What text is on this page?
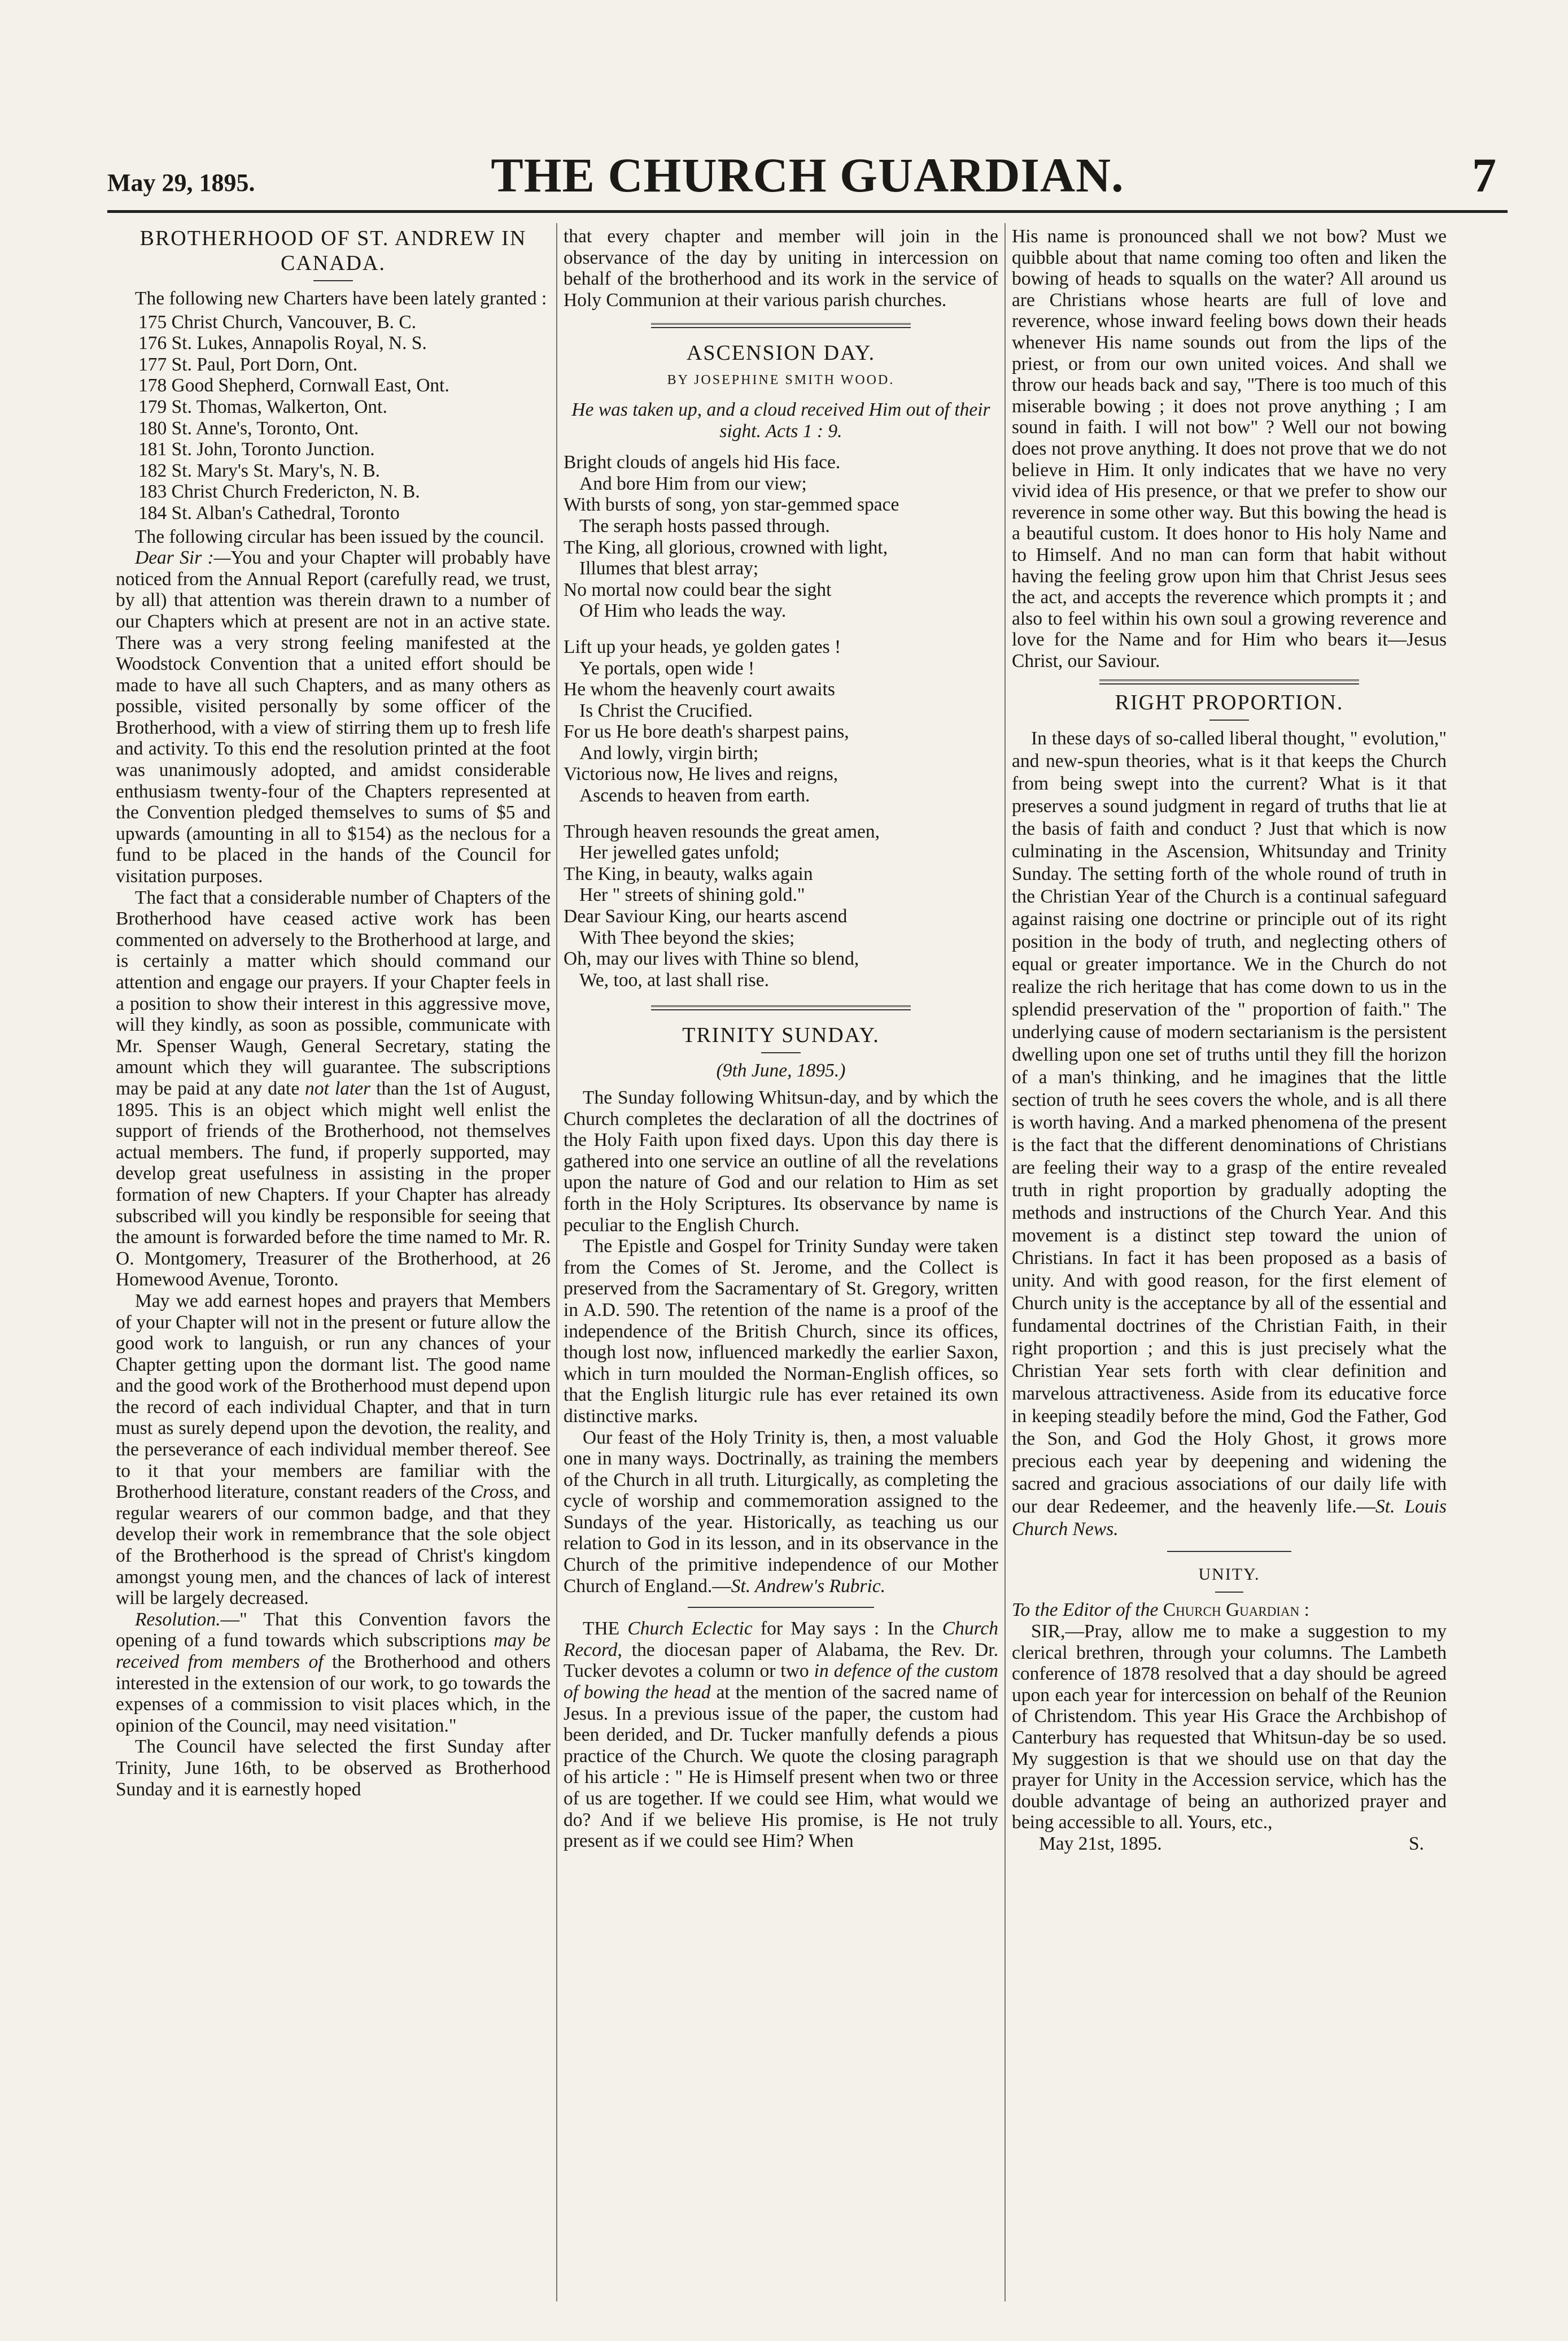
May 29, 1895.	THE CHURCH GUARDIAN.	7
BROTHERHOOD OF ST. ANDREW IN CANADA.

The following new Charters have been lately granted :

175 Christ Church, Vancouver, B. C.
176 St. Lukes, Annapolis Royal, N. S.
177 St. Paul, Port Dorn, Ont.
178 Good Shepherd, Cornwall East, Ont.
179 St. Thomas, Walkerton, Ont.
180 St. Anne's, Toronto, Ont.
181 St. John, Toronto Junction.
182 St. Mary's St. Mary's, N. B.
183 Christ Church Fredericton, N. B.
184 St. Alban's Cathedral, Toronto

The following circular has been issued by the council.

Dear Sir :—You and your Chapter will probably have noticed from the Annual Report (carefully read, we trust, by all) that attention was therein drawn to a number of our Chapters which at present are not in an active state. There was a very strong feeling manifested at the Woodstock Convention that a united effort should be made to have all such Chapters, and as many others as possible, visited personally by some officer of the Brotherhood, with a view of stirring them up to fresh life and activity. To this end the resolution printed at the foot was unanimously adopted, and amidst considerable enthusiasm twenty-four of the Chapters represented at the Convention pledged themselves to sums of $5 and upwards (amounting in all to $154) as the neclous for a fund to be placed in the hands of the Council for visitation purposes.

The fact that a considerable number of Chapters of the Brotherhood have ceased active work has been commented on adversely to the Brotherhood at large, and is certainly a matter which should command our attention and engage our prayers. If your Chapter feels in a position to show their interest in this aggressive move, will they kindly, as soon as possible, communicate with Mr. Spenser Waugh, General Secretary, stating the amount which they will guarantee. The subscriptions may be paid at any date not later than the 1st of August, 1895. This is an object which might well enlist the support of friends of the Brotherhood, not themselves actual members. The fund, if properly supported, may develop great usefulness in assisting in the proper formation of new Chapters. If your Chapter has already subscribed will you kindly be responsible for seeing that the amount is forwarded before the time named to Mr. R. O. Montgomery, Treasurer of the Brotherhood, at 26 Homewood Avenue, Toronto.

May we add earnest hopes and prayers that Members of your Chapter will not in the present or future allow the good work to languish, or run any chances of your Chapter getting upon the dormant list. The good name and the good work of the Brotherhood must depend upon the record of each individual Chapter, and that in turn must as surely depend upon the devotion, the reality, and the perseverance of each individual member thereof. See to it that your members are familiar with the Brotherhood literature, constant readers of the Cross, and regular wearers of our common badge, and that they develop their work in remembrance that the sole object of the Brotherhood is the spread of Christ's kingdom amongst young men, and the chances of lack of interest will be largely decreased.

Resolution.—" That this Convention favors the opening of a fund towards which subscriptions may be received from members of the Brotherhood and others interested in the extension of our work, to go towards the expenses of a commission to visit places which, in the opinion of the Council, may need visitation."

The Council have selected the first Sunday after Trinity, June 16th, to be observed as Brotherhood Sunday and it is earnestly hoped

that every chapter and member will join in the observance of the day by uniting in intercession on behalf of the brotherhood and its work in the service of Holy Communion at their various parish churches.

ASCENSION DAY.
BY JOSEPHINE SMITH WOOD.

He was taken up, and a cloud received Him out of their sight. Acts 1 : 9.

Bright clouds of angels hid His face.
And bore Him from our view;
With bursts of song, yon star-gemmed space
The seraph hosts passed through.
The King, all glorious, crowned with light,
Illumes that blest array;
No mortal now could bear the sight
Of Him who leads the way.
Lift up your heads, ye golden gates !
Ye portals, open wide !
He whom the heavenly court awaits
Is Christ the Crucified.
For us He bore death's sharpest pains,
And lowly, virgin birth;
Victorious now, He lives and reigns,
Ascends to heaven from earth.
Through heaven resounds the great amen,
Her jewelled gates unfold;
The King, in beauty, walks again
Her " streets of shining gold."
Dear Saviour King, our hearts ascend
With Thee beyond the skies;
Oh, may our lives with Thine so blend,
We, too, at last shall rise.
TRINITY SUNDAY.

(9th June, 1895.)

The Sunday following Whitsun-day, and by which the Church completes the declaration of all the doctrines of the Holy Faith upon fixed days. Upon this day there is gathered into one service an outline of all the revelations upon the nature of God and our relation to Him as set forth in the Holy Scriptures. Its observance by name is peculiar to the English Church.

The Epistle and Gospel for Trinity Sunday were taken from the Comes of St. Jerome, and the Collect is preserved from the Sacramentary of St. Gregory, written in A.D. 590. The retention of the name is a proof of the independence of the British Church, since its offices, though lost now, influenced markedly the earlier Saxon, which in turn moulded the Norman-English offices, so that the English liturgic rule has ever retained its own distinctive marks.

Our feast of the Holy Trinity is, then, a most valuable one in many ways. Doctrinally, as training the members of the Church in all truth. Liturgically, as completing the cycle of worship and commemoration assigned to the Sundays of the year. Historically, as teaching us our relation to God in its lesson, and in its observance in the Church of the primitive independence of our Mother Church of England.—St. Andrew's Rubric.

THE Church Eclectic for May says : In the Church Record, the diocesan paper of Alabama, the Rev. Dr. Tucker devotes a column or two in defence of the custom of bowing the head at the mention of the sacred name of Jesus. In a previous issue of the paper, the custom had been derided, and Dr. Tucker manfully defends a pious practice of the Church. We quote the closing paragraph of his article : " He is Himself present when two or three of us are together. If we could see Him, what would we do? And if we believe His promise, is He not truly present as if we could see Him? When

His name is pronounced shall we not bow? Must we quibble about that name coming too often and liken the bowing of heads to squalls on the water? All around us are Christians whose hearts are full of love and reverence, whose inward feeling bows down their heads whenever His name sounds out from the lips of the priest, or from our own united voices. And shall we throw our heads back and say, "There is too much of this miserable bowing ; it does not prove anything ; I am sound in faith. I will not bow" ? Well our not bowing does not prove anything. It does not prove that we do not believe in Him. It only indicates that we have no very vivid idea of His presence, or that we prefer to show our reverence in some other way. But this bowing the head is a beautiful custom. It does honor to His holy Name and to Himself. And no man can form that habit without having the feeling grow upon him that Christ Jesus sees the act, and accepts the reverence which prompts it ; and also to feel within his own soul a growing reverence and love for the Name and for Him who bears it—Jesus Christ, our Saviour.

RIGHT PROPORTION.

In these days of so-called liberal thought, " evolution," and new-spun theories, what is it that keeps the Church from being swept into the current? What is it that preserves a sound judgment in regard of truths that lie at the basis of faith and conduct ? Just that which is now culminating in the Ascension, Whitsunday and Trinity Sunday. The setting forth of the whole round of truth in the Christian Year of the Church is a continual safeguard against raising one doctrine or principle out of its right position in the body of truth, and neglecting others of equal or greater importance. We in the Church do not realize the rich heritage that has come down to us in the splendid preservation of the " proportion of faith." The underlying cause of modern sectarianism is the persistent dwelling upon one set of truths until they fill the horizon of a man's thinking, and he imagines that the little section of truth he sees covers the whole, and is all there is worth having. And a marked phenomena of the present is the fact that the different denominations of Christians are feeling their way to a grasp of the entire revealed truth in right proportion by gradually adopting the methods and instructions of the Church Year. And this movement is a distinct step toward the union of Christians. In fact it has been proposed as a basis of unity. And with good reason, for the first element of Church unity is the acceptance by all of the essential and fundamental doctrines of the Christian Faith, in their right proportion ; and this is just precisely what the Christian Year sets forth with clear definition and marvelous attractiveness. Aside from its educative force in keeping steadily before the mind, God the Father, God the Son, and God the Holy Ghost, it grows more precious each year by deepening and widening the sacred and gracious associations of our daily life with our dear Redeemer, and the heavenly life.—St. Louis Church News.

UNITY.

To the Editor of the Church Guardian :

SIR,—Pray, allow me to make a suggestion to my clerical brethren, through your columns. The Lambeth conference of 1878 resolved that a day should be agreed upon each year for intercession on behalf of the Reunion of Christendom. This year His Grace the Archbishop of Canterbury has requested that Whitsun-day be so used. My suggestion is that we should use on that day the prayer for Unity in the Accession service, which has the double advantage of being an authorized prayer and being accessible to all. Yours, etc.,

May 21st, 1895.	S.
